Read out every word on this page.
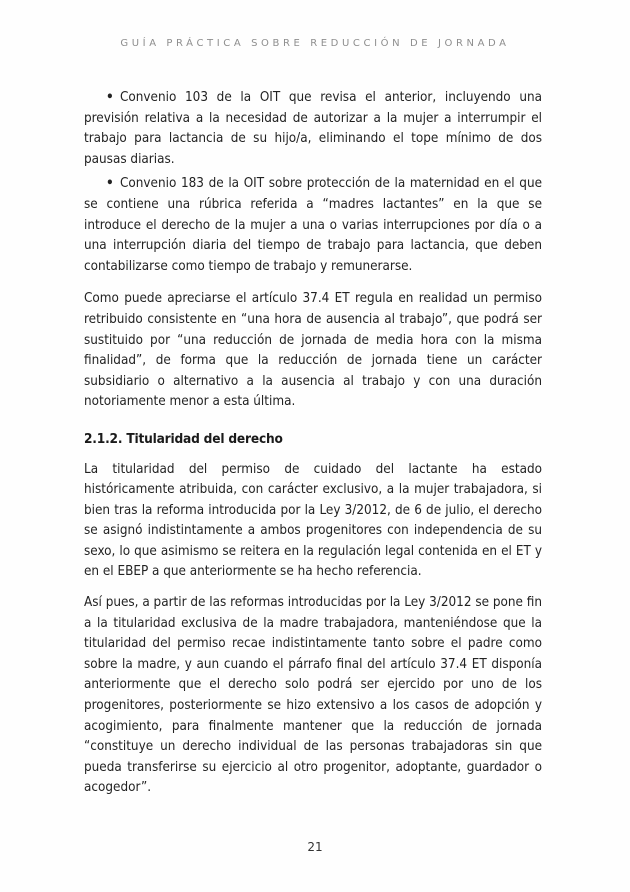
GUÍA PRÁCTICA SOBRE REDUCCIÓN DE JORNADA
• Convenio 103 de la OIT que revisa el anterior, incluyendo una previsión relativa a la necesidad de autorizar a la mujer a interrumpir el trabajo para lactancia de su hijo/a, eliminando el tope mínimo de dos pausas diarias.
• Convenio 183 de la OIT sobre protección de la maternidad en el que se contiene una rúbrica referida a “madres lactantes” en la que se introduce el derecho de la mujer a una o varias interrupciones por día o a una interrupción diaria del tiempo de trabajo para lactancia, que deben contabilizarse como tiempo de trabajo y remunerarse.

Como puede apreciarse el artículo 37.4 ET regula en realidad un permiso retribuido consistente en “una hora de ausencia al trabajo”, que podrá ser sustituido por “una reducción de jornada de media hora con la misma finalidad”, de forma que la reducción de jornada tiene un carácter subsidiario o alternativo a la ausencia al trabajo y con una duración notoriamente menor a esta última.

2.1.2. Titularidad del derecho

La titularidad del permiso de cuidado del lactante ha estado históricamente atribuida, con carácter exclusivo, a la mujer trabajadora, si bien tras la reforma introducida por la Ley 3/2012, de 6 de julio, el derecho se asignó indistintamente a ambos progenitores con independencia de su sexo, lo que asimismo se reitera en la regulación legal contenida en el ET y en el EBEP a que anteriormente se ha hecho referencia.

Así pues, a partir de las reformas introducidas por la Ley 3/2012 se pone fin a la titularidad exclusiva de la madre trabajadora, manteniéndose que la titularidad del permiso recae indistintamente tanto sobre el padre como sobre la madre, y aun cuando el párrafo final del artículo 37.4 ET disponía anteriormente que el derecho solo podrá ser ejercido por uno de los progenitores, posteriormente se hizo extensivo a los casos de adopción y acogimiento, para finalmente mantener que la reducción de jornada “constituye un derecho individual de las personas trabajadoras sin que pueda transferirse su ejercicio al otro progenitor, adoptante, guardador o acogedor”.

21
